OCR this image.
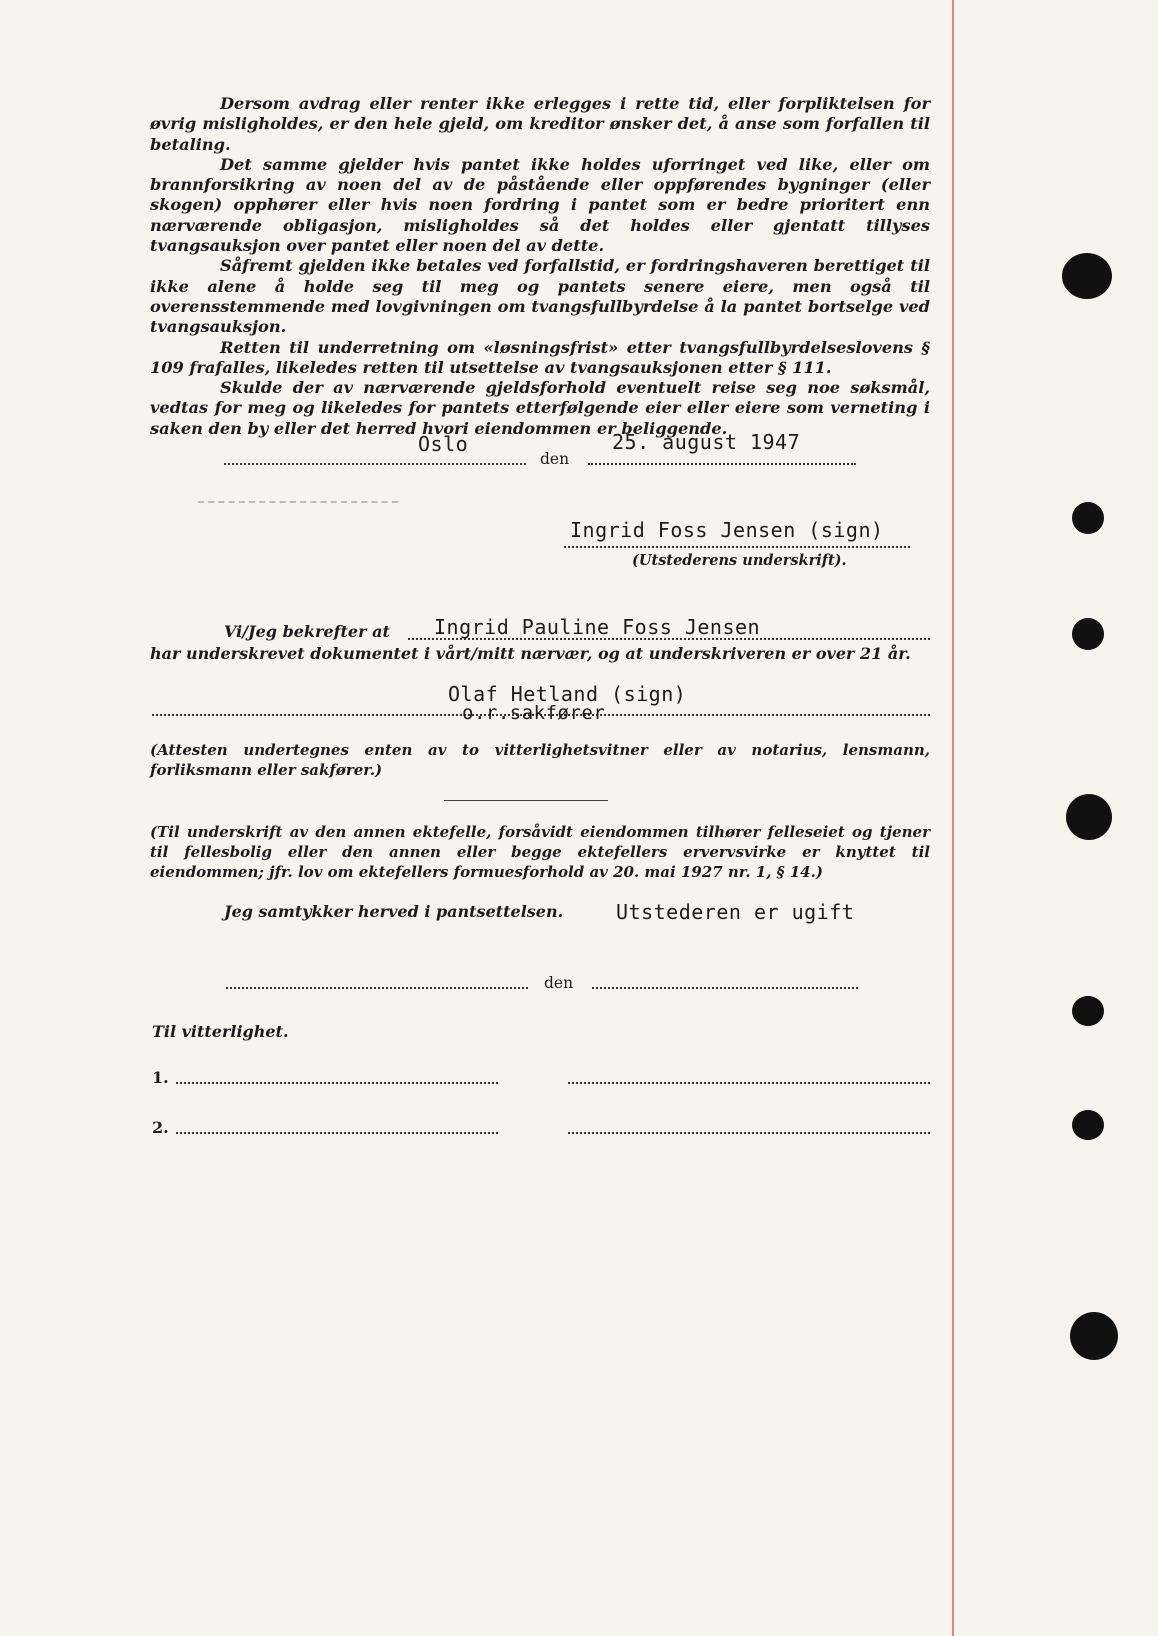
Dersom avdrag eller renter ikke erlegges i rette tid, eller forpliktelsen for øvrig misligholdes, er den hele gjeld, om kreditor ønsker det, å anse som forfallen til betaling.

Det samme gjelder hvis pantet ikke holdes uforringet ved like, eller om brannforsikring av noen del av de påstående eller oppførendes bygninger (eller skogen) opphører eller hvis noen fordring i pantet som er bedre prioritert enn nærværende obligasjon, misligholdes så det holdes eller gjentatt tillyses tvangsauksjon over pantet eller noen del av dette.

Såfremt gjelden ikke betales ved forfallstid, er fordringshaveren berettiget til ikke alene å holde seg til meg og pantets senere eiere, men også til overensstemmende med lovgivningen om tvangsfullbyrdelse å la pantet bortselge ved tvangsauksjon.

Retten til underretning om «løsningsfrist» etter tvangsfullbyrdelseslovens § 109 frafalles, likeledes retten til utsettelse av tvangsauksjonen etter § 111.

Skulde der av nærværende gjeldsforhold eventuelt reise seg noe søksmål, vedtas for meg og likeledes for pantets etterfølgende eier eller eiere som verneting i saken den by eller det herred hvori eiendommen er beliggende.

Oslo
den
25. august 1947
Ingrid Foss Jensen (sign)
(Utstederens underskrift).
Vi/Jeg bekrefter at Ingrid Pauline Foss Jensen
har underskrevet dokumentet i vårt/mitt nærvær, og at underskriveren er over 21 år.
Olaf Hetland (sign)
o.r.sakfører
(Attesten undertegnes enten av to vitterlighetsvitner eller av notarius, lensmann, forliksmann eller sakfører.)
(Til underskrift av den annen ektefelle, forsåvidt eiendommen tilhører felleseiet og tjener til fellesbolig eller den annen eller begge ektefellers ervervsvirke er knyttet til eiendommen; jfr. lov om ektefellers formuesforhold av 20. mai 1927 nr. 1, § 14.)
Jeg samtykker herved i pantsettelsen.	Utstederen er ugift
den
Til vitterlighet.
1.
2.
